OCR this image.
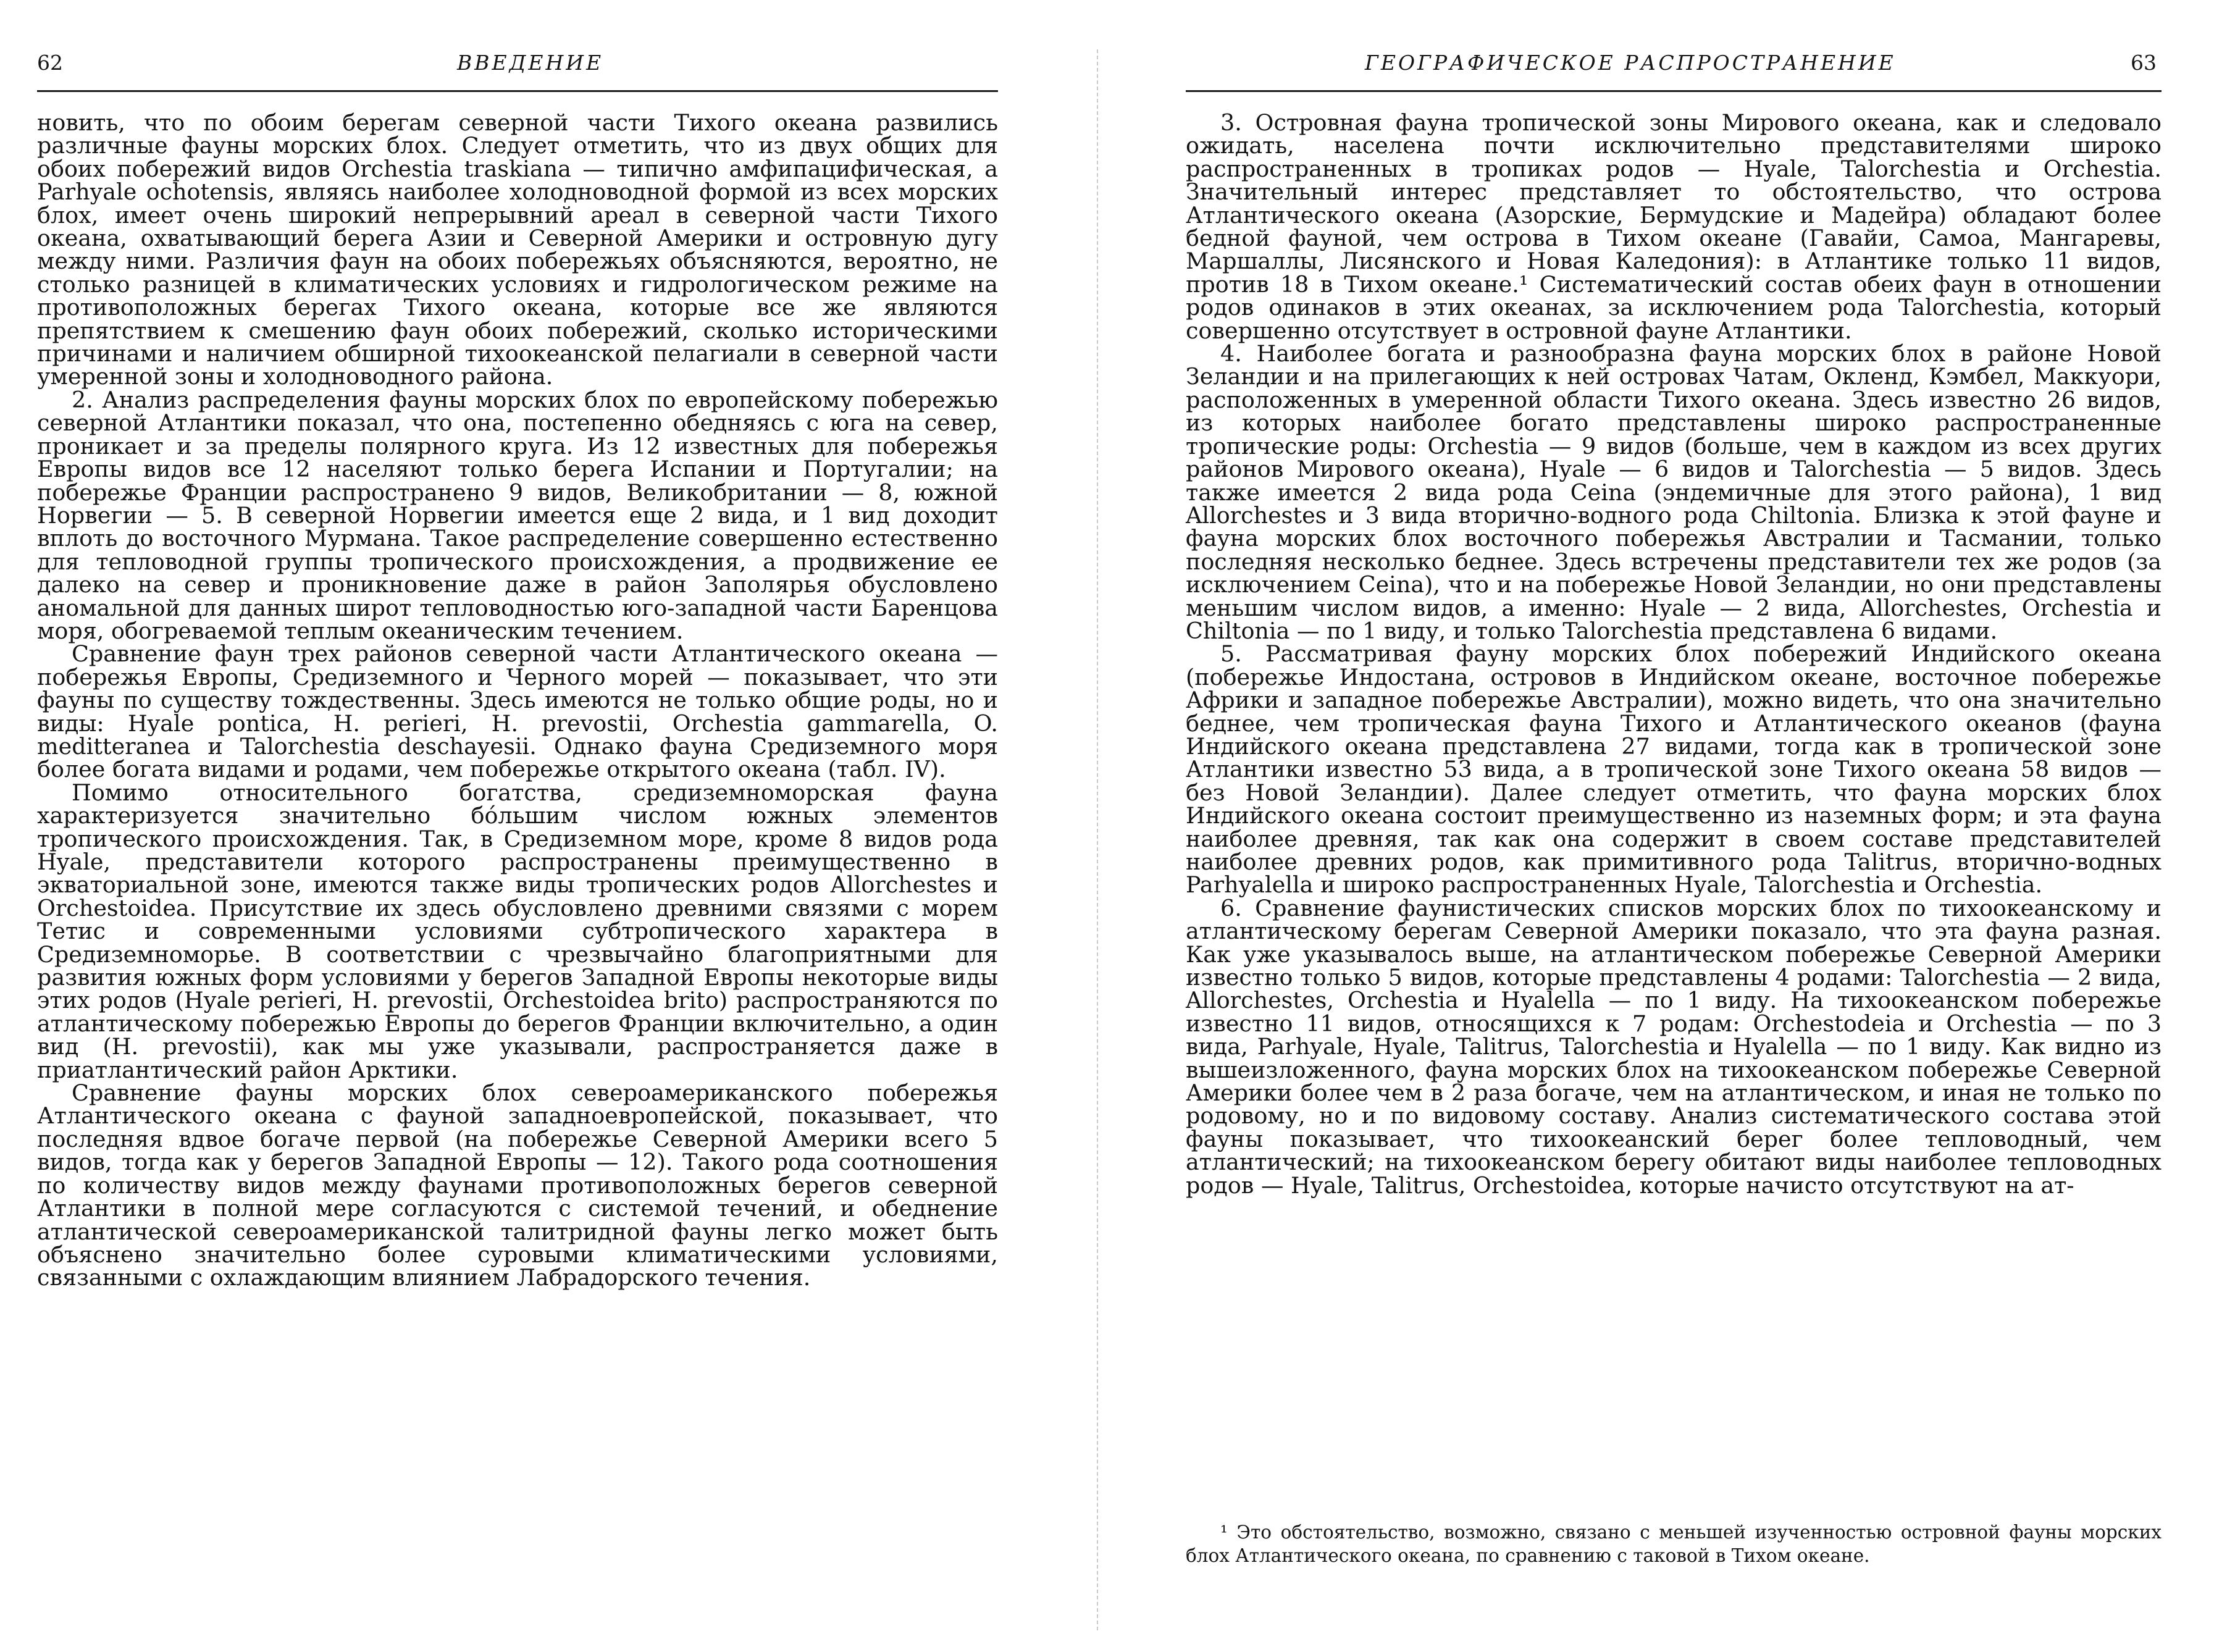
62	ВВЕДЕНИЕ

новить, что по обоим берегам северной части Тихого океана развились различные фауны морских блох. Следует отметить, что из двух общих для обоих побережий видов Orchestia traskiana — типично амфипацифическая, а Parhyale ochotensis, являясь наиболее холодноводной формой из всех морских блох, имеет очень широкий непрерывний ареал в северной части Тихого океана, охватывающий берега Азии и Северной Америки и островную дугу между ними. Различия фаун на обоих побережьях объясняются, вероятно, не столько разницей в климатических условиях и гидрологическом режиме на противоположных берегах Тихого океана, которые все же являются препятствием к смешению фаун обоих побережий, сколько историческими причинами и наличием обширной тихоокеанской пелагиали в северной части умеренной зоны и холодноводного района.

2. Анализ распределения фауны морских блох по европейскому побережью северной Атлантики показал, что она, постепенно обедняясь с юга на север, проникает и за пределы полярного круга. Из 12 известных для побережья Европы видов все 12 населяют только берега Испании и Португалии; на побережье Франции распространено 9 видов, Великобритании — 8, южной Норвегии — 5. В северной Норвегии имеется еще 2 вида, и 1 вид доходит вплоть до восточного Мурмана. Такое распределение совершенно естественно для тепловодной группы тропического происхождения, а продвижение ее далеко на север и проникновение даже в район Заполярья обусловлено аномальной для данных широт тепловодностью юго-западной части Баренцова моря, обогреваемой теплым океаническим течением.

Сравнение фаун трех районов северной части Атлантического океана — побережья Европы, Средиземного и Черного морей — показывает, что эти фауны по существу тождественны. Здесь имеются не только общие роды, но и виды: Hyale pontica, H. perieri, H. prevostii, Orchestia gammarella, O. meditteranea и Talorchestia deschayesii. Однако фауна Средиземного моря более богата видами и родами, чем побережье открытого океана (табл. IV).

Помимо относительного богатства, средиземноморская фауна характеризуется значительно бóльшим числом южных элементов тропического происхождения. Так, в Средиземном море, кроме 8 видов рода Hyale, представители которого распространены преимущественно в экваториальной зоне, имеются также виды тропических родов Allorchestes и Orchestoidea. Присутствие их здесь обусловлено древними связями с морем Тетис и современными условиями субтропического характера в Средиземноморье. В соответствии с чрезвычайно благоприятными для развития южных форм условиями у берегов Западной Европы некоторые виды этих родов (Hyale perieri, H. prevostii, Orchestoidea brito) распространяются по атлантическому побережью Европы до берегов Франции включительно, а один вид (H. prevostii), как мы уже указывали, распространяется даже в приатлантический район Арктики.

Сравнение фауны морских блох североамериканского побережья Атлантического океана с фауной западноевропейской, показывает, что последняя вдвое богаче первой (на побережье Северной Америки всего 5 видов, тогда как у берегов Западной Европы — 12). Такого рода соотношения по количеству видов между фаунами противоположных берегов северной Атлантики в полной мере согласуются с системой течений, и обеднение атлантической североамериканской талитридной фауны легко может быть объяснено значительно более суровыми климатическими условиями, связанными с охлаждающим влиянием Лабрадорского течения.

ГЕОГРАФИЧЕСКОЕ РАСПРОСТРАНЕНИЕ	63

3. Островная фауна тропической зоны Мирового океана, как и следовало ожидать, населена почти исключительно представителями широко распространенных в тропиках родов — Hyale, Talorchestia и Orchestia. Значительный интерес представляет то обстоятельство, что острова Атлантического океана (Азорские, Бермудские и Мадейра) обладают более бедной фауной, чем острова в Тихом океане (Гавайи, Самоа, Мангаревы, Маршаллы, Лисянского и Новая Каледония): в Атлантике только 11 видов, против 18 в Тихом океане.¹ Систематический состав обеих фаун в отношении родов одинаков в этих океанах, за исключением рода Talorchestia, который совершенно отсутствует в островной фауне Атлантики.

4. Наиболее богата и разнообразна фауна морских блох в районе Новой Зеландии и на прилегающих к ней островах Чатам, Окленд, Кэмбел, Маккуори, расположенных в умеренной области Тихого океана. Здесь известно 26 видов, из которых наиболее богато представлены широко распространенные тропические роды: Orchestia — 9 видов (больше, чем в каждом из всех других районов Мирового океана), Hyale — 6 видов и Talorchestia — 5 видов. Здесь также имеется 2 вида рода Ceina (эндемичные для этого района), 1 вид Allorchestes и 3 вида вторично-водного рода Chiltonia. Близка к этой фауне и фауна морских блох восточного побережья Австралии и Тасмании, только последняя несколько беднее. Здесь встречены представители тех же родов (за исключением Ceina), что и на побережье Новой Зеландии, но они представлены меньшим числом видов, а именно: Hyale — 2 вида, Allorchestes, Orchestia и Chiltonia — по 1 виду, и только Talorchestia представлена 6 видами.

5. Рассматривая фауну морских блох побережий Индийского океана (побережье Индостана, островов в Индийском океане, восточное побережье Африки и западное побережье Австралии), можно видеть, что она значительно беднее, чем тропическая фауна Тихого и Атлантического океанов (фауна Индийского океана представлена 27 видами, тогда как в тропической зоне Атлантики известно 53 вида, а в тропической зоне Тихого океана 58 видов — без Новой Зеландии). Далее следует отметить, что фауна морских блох Индийского океана состоит преимущественно из наземных форм; и эта фауна наиболее древняя, так как она содержит в своем составе представителей наиболее древних родов, как примитивного рода Talitrus, вторично-водных Parhyalella и широко распространенных Hyale, Talorchestia и Orchestia.

6. Сравнение фаунистических списков морских блох по тихоокеанскому и атлантическому берегам Северной Америки показало, что эта фауна разная. Как уже указывалось выше, на атлантическом побережье Северной Америки известно только 5 видов, которые представлены 4 родами: Talorchestia — 2 вида, Allorchestes, Orchestia и Hyalella — по 1 виду. На тихоокеанском побережье известно 11 видов, относящихся к 7 родам: Orchestodeia и Orchestia — по 3 вида, Parhyale, Hyale, Talitrus, Talorchestia и Hyalella — по 1 виду. Как видно из вышеизложенного, фауна морских блох на тихоокеанском побережье Северной Америки более чем в 2 раза богаче, чем на атлантическом, и иная не только по родовому, но и по видовому составу. Анализ систематического состава этой фауны показывает, что тихоокеанский берег более тепловодный, чем атлантический; на тихоокеанском берегу обитают виды наиболее тепловодных родов — Hyale, Talitrus, Orchestoidea, которые начисто отсутствуют на ат-

¹ Это обстоятельство, возможно, связано с меньшей изученностью островной фауны морских блох Атлантического океана, по сравнению с таковой в Тихом океане.
